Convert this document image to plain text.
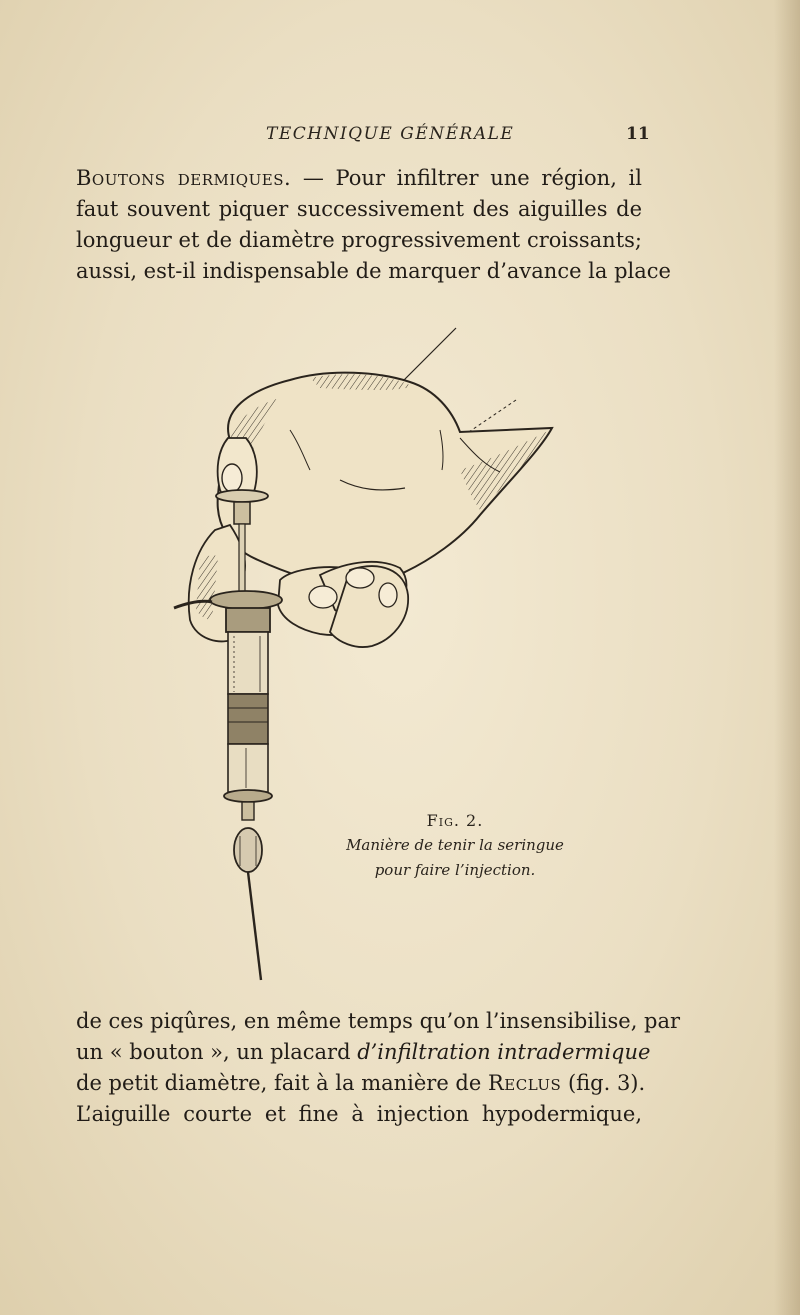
TECHNIQUE GÉNÉRALE	11
Boutons dermiques. — Pour infiltrer une région, il
faut souvent piquer successivement des aiguilles de
longueur et de diamètre progressivement croissants;
aussi, est-il indispensable de marquer d’avance la place
Fig. 2.
Manière de tenir la seringue
pour faire l’injection.
de ces piqûres, en même temps qu’on l’insensibilise, par
un « bouton », un placard d’infiltration intradermique
de petit diamètre, fait à la manière de Reclus (fig. 3).
L’aiguille courte et fine à injection hypodermique,
